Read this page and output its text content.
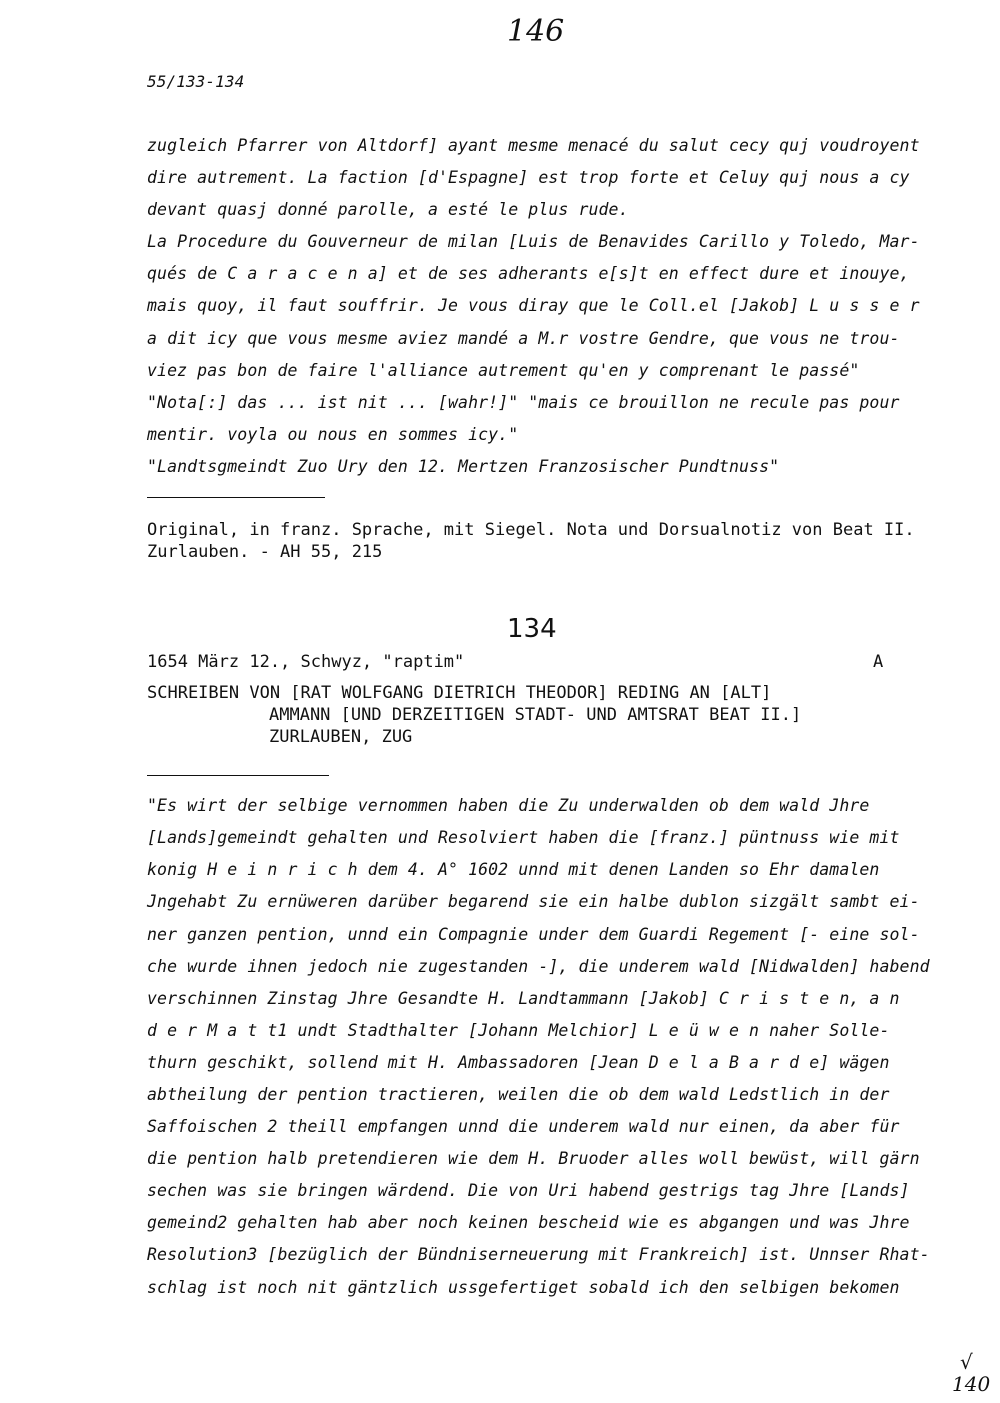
146
55/133-134
zugleich Pfarrer von Altdorf] ayant mesme menacé du salut cecy quj voudroyent
dire autrement. La faction [d'Espagne] est trop forte et Celuy quj nous a cy
devant quasj donné parolle, a esté le plus rude.
La Procedure du Gouverneur de milan [Luis de Benavides Carillo y Toledo, Mar-
qués de C a r a c e n a] et de ses adherants e[s]t en effect dure et inouye,
mais quoy, il faut souffrir. Je vous diray que le Coll.el [Jakob] L u s s e r
a dit icy que vous mesme aviez mandé a M.r vostre Gendre, que vous ne trou-
viez pas bon de faire l'alliance autrement qu'en y comprenant le passé"
"Nota[:] das ... ist nit ... [wahr!]" "mais ce brouillon ne recule pas pour
mentir. voyla ou nous en sommes icy."
"Landtsgmeindt Zuo Ury den 12. Mertzen Franzosischer Pundtnuss"
Original, in franz. Sprache, mit Siegel. Nota und Dorsualnotiz von Beat II.
Zurlauben. - AH 55, 215
134
1654 März 12., Schwyz, "raptim"	A
SCHREIBEN VON [RAT WOLFGANG DIETRICH THEODOR] REDING AN [ALT]
AMMANN [UND DERZEITIGEN STADT- UND AMTSRAT BEAT II.]
ZURLAUBEN, ZUG
"Es wirt der selbige vernommen haben die Zu underwalden ob dem wald Jhre
[Lands]gemeindt gehalten und Resolviert haben die [franz.] püntnuss wie mit
konig H e i n r i c h dem 4. A° 1602 unnd mit denen Landen so Ehr damalen
Jngehabt Zu ernüweren darüber begarend sie ein halbe dublon sizgält sambt ei-
ner ganzen pention, unnd ein Compagnie under dem Guardi Regement [- eine sol-
che wurde ihnen jedoch nie zugestanden -], die underem wald [Nidwalden] habend
verschinnen Zinstag Jhre Gesandte H. Landtammann [Jakob] C r i s t e n, a n
d e r M a t t1 undt Stadthalter [Johann Melchior] L e ü w e n naher Solle-
thurn geschikt, sollend mit H. Ambassadoren [Jean D e l a B a r d e] wägen
abtheilung der pention tractieren, weilen die ob dem wald Ledstlich in der
Saffoischen 2 theill empfangen unnd die underem wald nur einen, da aber für
die pention halb pretendieren wie dem H. Bruoder alles woll bewüst, will gärn
sechen was sie bringen wärdend. Die von Uri habend gestrigs tag Jhre [Lands]
gemeind2 gehalten hab aber noch keinen bescheid wie es abgangen und was Jhre
Resolution3 [bezüglich der Bündniserneuerung mit Frankreich] ist. Unnser Rhat-
schlag ist noch nit gäntzlich ussgefertiget sobald ich den selbigen bekomen
√
140
